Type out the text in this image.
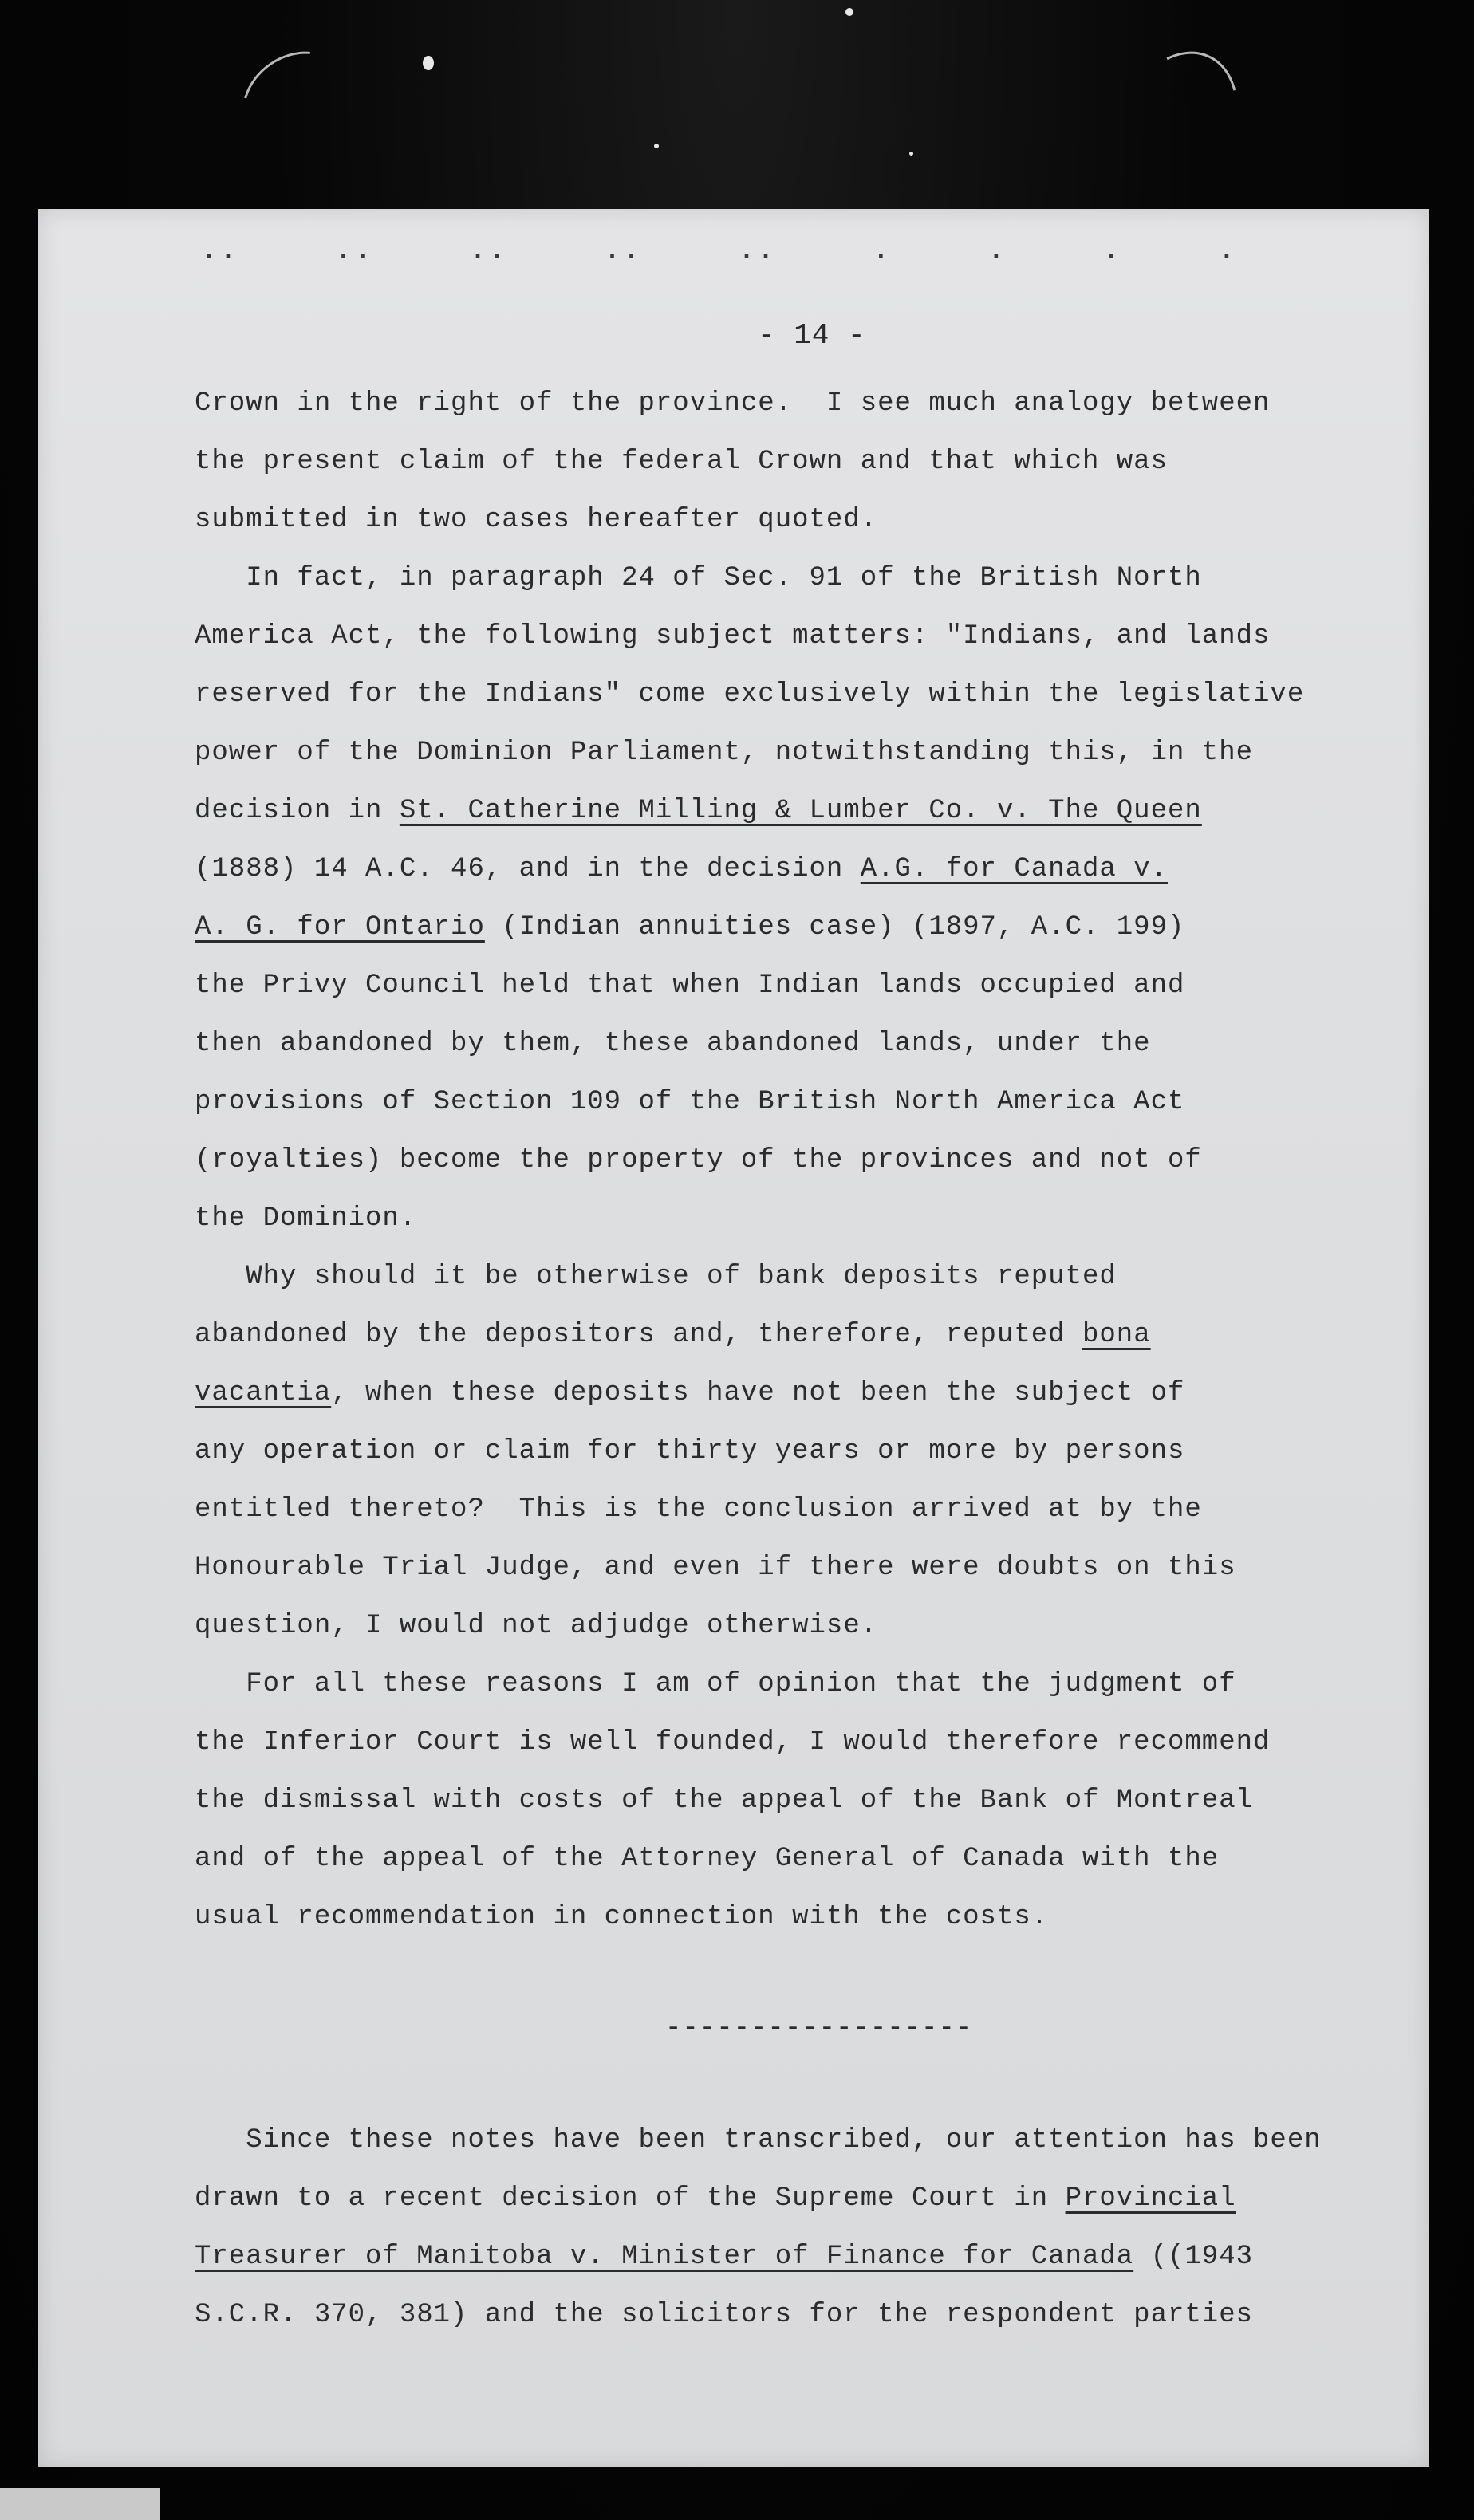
..	..	..	..	..	.	.	.	.
- 14 -
Crown in the right of the province.  I see much analogy between
the present claim of the federal Crown and that which was
submitted in two cases hereafter quoted.
In fact, in paragraph 24 of Sec. 91 of the British North
America Act, the following subject matters: "Indians, and lands
reserved for the Indians" come exclusively within the legislative
power of the Dominion Parliament, notwithstanding this, in the
decision in St. Catherine Milling & Lumber Co. v. The Queen
(1888) 14 A.C. 46, and in the decision A.G. for Canada v.
A. G. for Ontario (Indian annuities case) (1897, A.C. 199)
the Privy Council held that when Indian lands occupied and
then abandoned by them, these abandoned lands, under the
provisions of Section 109 of the British North America Act
(royalties) become the property of the provinces and not of
the Dominion.
Why should it be otherwise of bank deposits reputed
abandoned by the depositors and, therefore, reputed bona
vacantia, when these deposits have not been the subject of
any operation or claim for thirty years or more by persons
entitled thereto?  This is the conclusion arrived at by the
Honourable Trial Judge, and even if there were doubts on this
question, I would not adjudge otherwise.
For all these reasons I am of opinion that the judgment of
the Inferior Court is well founded, I would therefore recommend
the dismissal with costs of the appeal of the Bank of Montreal
and of the appeal of the Attorney General of Canada with the
usual recommendation in connection with the costs.
------------------
Since these notes have been transcribed, our attention has been
drawn to a recent decision of the Supreme Court in Provincial
Treasurer of Manitoba v. Minister of Finance for Canada ((1943
S.C.R. 370, 381) and the solicitors for the respondent parties
